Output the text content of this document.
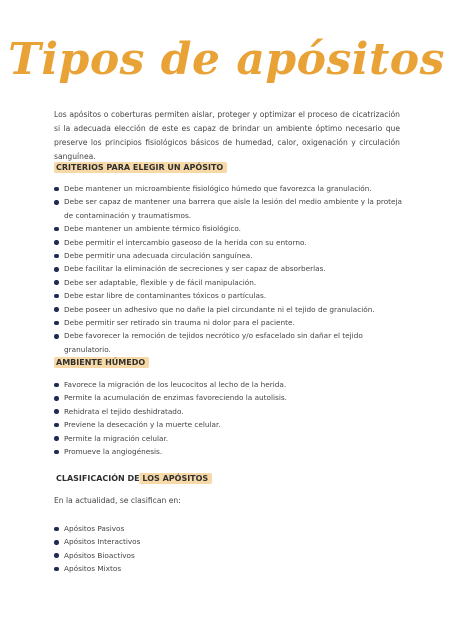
Tipos de apósitos

Los apósitos o coberturas permiten aislar, proteger y optimizar el proceso de cicatrización si la adecuada elección de este es capaz de brindar un ambiente óptimo necesario que preserve los principios fisiológicos básicos de humedad, calor, oxigenación y circulación sanguínea.

CRITERIOS PARA ELEGIR UN APÓSITO
Debe mantener un microambiente fisiológico húmedo que favorezca la granulación.
Debe ser capaz de mantener una barrera que aisle la lesión del medio ambiente y la proteja de contaminación y traumatismos.
Debe mantener un ambiente térmico fisiológico.
Debe permitir el intercambio gaseoso de la herida con su entorno.
Debe permitir una adecuada circulación sanguínea.
Debe facilitar la eliminación de secreciones y ser capaz de absorberlas.
Debe ser adaptable, flexible y de fácil manipulación.
Debe estar libre de contaminantes tóxicos o partículas.
Debe poseer un adhesivo que no dañe la piel circundante ni el tejido de granulación.
Debe permitir ser retirado sin trauma ni dolor para el paciente.
Debe favorecer la remoción de tejidos necrótico y/o esfacelado sin dañar el tejido granulatorio.
AMBIENTE HÚMEDO
Favorece la migración de los leucocitos al lecho de la herida.
Permite la acumulación de enzimas favoreciendo la autolisis.
Rehidrata el tejido deshidratado.
Previene la desecación y la muerte celular.
Permite la migración celular.
Promueve la angiogénesis.
CLASIFICACIÓN DE LOS APÓSITOS
En la actualidad, se clasifican en:
Apósitos Pasivos
Apósitos Interactivos
Apósitos Bioactivos
Apósitos Mixtos
